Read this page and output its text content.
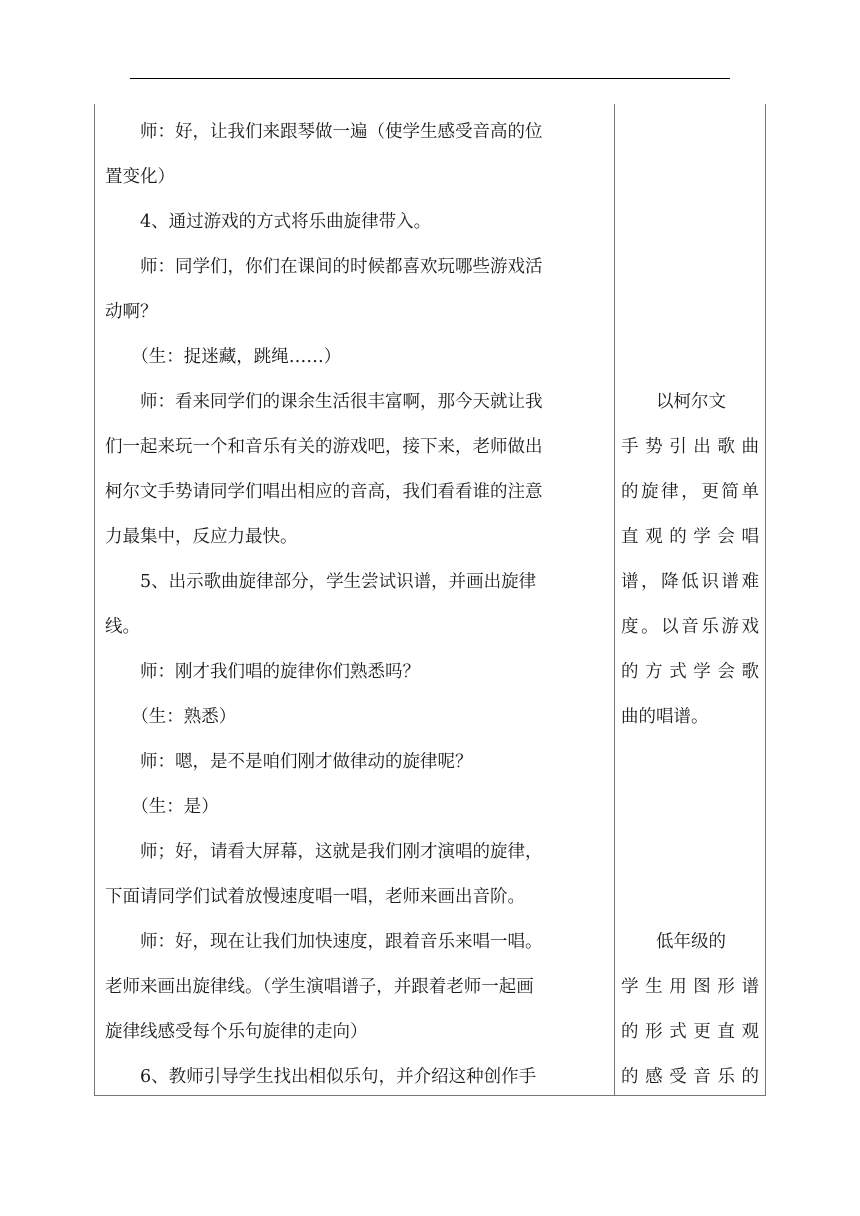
　　师：好，让我们来跟琴做一遍（使学生感受音高的位
置变化）
　　4、通过游戏的方式将乐曲旋律带入。
　　师：同学们，你们在课间的时候都喜欢玩哪些游戏活
动啊？
　　（生：捉迷藏，跳绳……）
　　师：看来同学们的课余生活很丰富啊，那今天就让我
们一起来玩一个和音乐有关的游戏吧，接下来，老师做出
柯尔文手势请同学们唱出相应的音高，我们看看谁的注意
力最集中，反应力最快。
　　5、出示歌曲旋律部分，学生尝试识谱，并画出旋律
线。
　　师：刚才我们唱的旋律你们熟悉吗？
　　（生：熟悉）
　　师：嗯，是不是咱们刚才做律动的旋律呢？
　　（生：是）
　　师；好，请看大屏幕，这就是我们刚才演唱的旋律，
下面请同学们试着放慢速度唱一唱，老师来画出音阶。
　　师：好，现在让我们加快速度，跟着音乐来唱一唱。
老师来画出旋律线。（学生演唱谱子，并跟着老师一起画
旋律线感受每个乐句旋律的走向）
　　6、教师引导学生找出相似乐句，并介绍这种创作手
　　以柯尔文
手势引出歌曲
的旋律，更简单
直观的学会唱
谱，降低识谱难
度。以音乐游戏
的方式学会歌
曲的唱谱。
　　低年级的
学生用图形谱
的形式更直观
的感受音乐的
